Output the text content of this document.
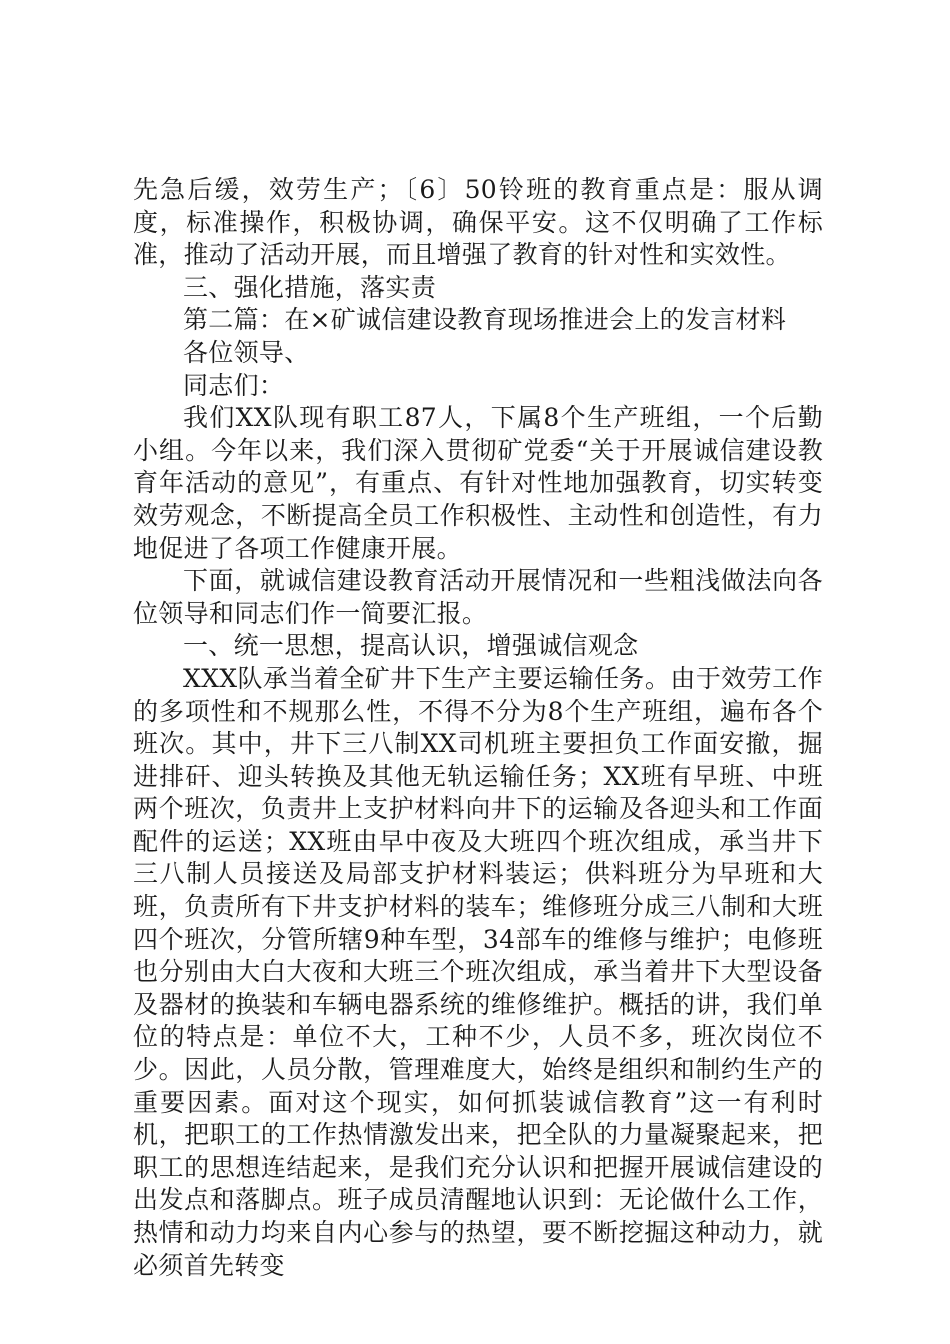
先急后缓，效劳生产；〔6〕50铃班的教育重点是：服从调度，标准操作，积极协调，确保平安。这不仅明确了工作标准，推动了活动开展，而且增强了教育的针对性和实效性。

三、强化措施，落实责

第二篇：在×矿诚信建设教育现场推进会上的发言材料

各位领导、

同志们：

我们XX队现有职工87人，下属8个生产班组，一个后勤小组。今年以来，我们深入贯彻矿党委“关于开展诚信建设教育年活动的意见”，有重点、有针对性地加强教育，切实转变效劳观念，不断提高全员工作积极性、主动性和创造性，有力地促进了各项工作健康开展。

下面，就诚信建设教育活动开展情况和一些粗浅做法向各位领导和同志们作一简要汇报。

一、统一思想，提高认识，增强诚信观念

XXX队承当着全矿井下生产主要运输任务。由于效劳工作的多项性和不规那么性，不得不分为8个生产班组，遍布各个班次。其中，井下三八制XX司机班主要担负工作面安撤，掘进排矸、迎头转换及其他无轨运输任务；XX班有早班、中班两个班次，负责井上支护材料向井下的运输及各迎头和工作面配件的运送；XX班由早中夜及大班四个班次组成，承当井下三八制人员接送及局部支护材料装运；供料班分为早班和大班，负责所有下井支护材料的装车；维修班分成三八制和大班四个班次，分管所辖9种车型，34部车的维修与维护；电修班也分别由大白大夜和大班三个班次组成，承当着井下大型设备及器材的换装和车辆电器系统的维修维护。概括的讲，我们单位的特点是：单位不大，工种不少，人员不多，班次岗位不少。因此，人员分散，管理难度大，始终是组织和制约生产的重要因素。面对这个现实，如何抓装诚信教育”这一有利时机，把职工的工作热情激发出来，把全队的力量凝聚起来，把职工的思想连结起来，是我们充分认识和把握开展诚信建设的出发点和落脚点。班子成员清醒地认识到：无论做什么工作，热情和动力均来自内心参与的热望，要不断挖掘这种动力，就必须首先转变
